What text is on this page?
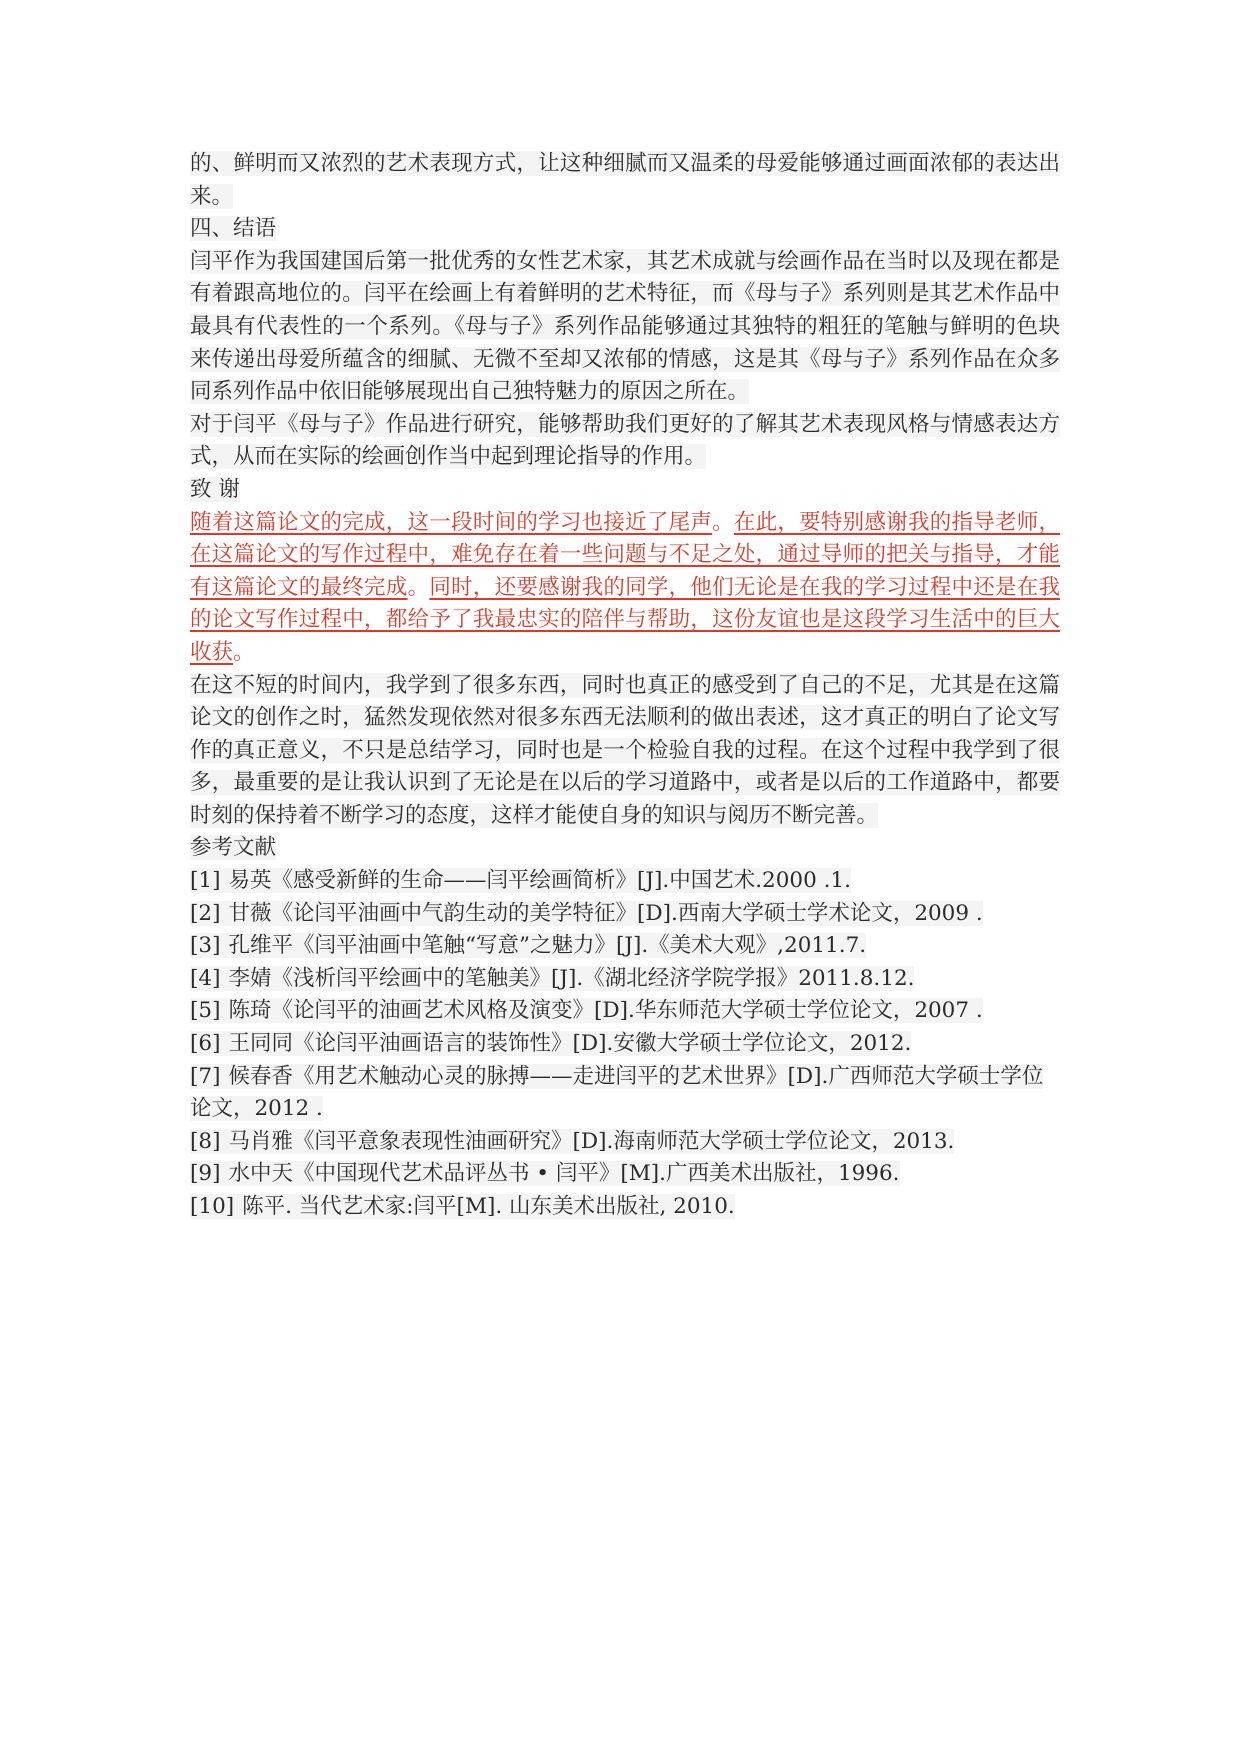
的、鲜明而又浓烈的艺术表现方式，让这种细腻而又温柔的母爱能够通过画面浓郁的表达出来。

四、结语

闫平作为我国建国后第一批优秀的女性艺术家，其艺术成就与绘画作品在当时以及现在都是有着跟高地位的。闫平在绘画上有着鲜明的艺术特征，而《母与子》系列则是其艺术作品中最具有代表性的一个系列。《母与子》系列作品能够通过其独特的粗狂的笔触与鲜明的色块来传递出母爱所蕴含的细腻、无微不至却又浓郁的情感，这是其《母与子》系列作品在众多同系列作品中依旧能够展现出自己独特魅力的原因之所在。

对于闫平《母与子》作品进行研究，能够帮助我们更好的了解其艺术表现风格与情感表达方式，从而在实际的绘画创作当中起到理论指导的作用。

致 谢

随着这篇论文的完成，这一段时间的学习也接近了尾声。在此，要特别感谢我的指导老师，在这篇论文的写作过程中，难免存在着一些问题与不足之处，通过导师的把关与指导，才能有这篇论文的最终完成。同时，还要感谢我的同学，他们无论是在我的学习过程中还是在我的论文写作过程中，都给予了我最忠实的陪伴与帮助，这份友谊也是这段学习生活中的巨大收获。

在这不短的时间内，我学到了很多东西，同时也真正的感受到了自己的不足，尤其是在这篇论文的创作之时，猛然发现依然对很多东西无法顺利的做出表述，这才真正的明白了论文写作的真正意义，不只是总结学习，同时也是一个检验自我的过程。在这个过程中我学到了很多，最重要的是让我认识到了无论是在以后的学习道路中，或者是以后的工作道路中，都要时刻的保持着不断学习的态度，这样才能使自身的知识与阅历不断完善。

参考文献

[1] 易英《感受新鲜的生命——闫平绘画简析》[J].中国艺术.2000 .1.

[2] 甘薇《论闫平油画中气韵生动的美学特征》[D].西南大学硕士学术论文，2009 .

[3] 孔维平《闫平油画中笔触“写意”之魅力》[J].《美术大观》,2011.7.

[4] 李婧《浅析闫平绘画中的笔触美》[J].《湖北经济学院学报》2011.8.12.

[5] 陈琦《论闫平的油画艺术风格及演变》[D].华东师范大学硕士学位论文，2007 .

[6] 王同同《论闫平油画语言的装饰性》[D].安徽大学硕士学位论文，2012.

[7] 候春香《用艺术触动心灵的脉搏——走进闫平的艺术世界》[D].广西师范大学硕士学位论文，2012 .

[8] 马肖雅《闫平意象表现性油画研究》[D].海南师范大学硕士学位论文，2013.

[9] 水中天《中国现代艺术品评丛书 • 闫平》[M].广西美术出版社，1996.

[10] 陈平. 当代艺术家:闫平[M]. 山东美术出版社, 2010.
